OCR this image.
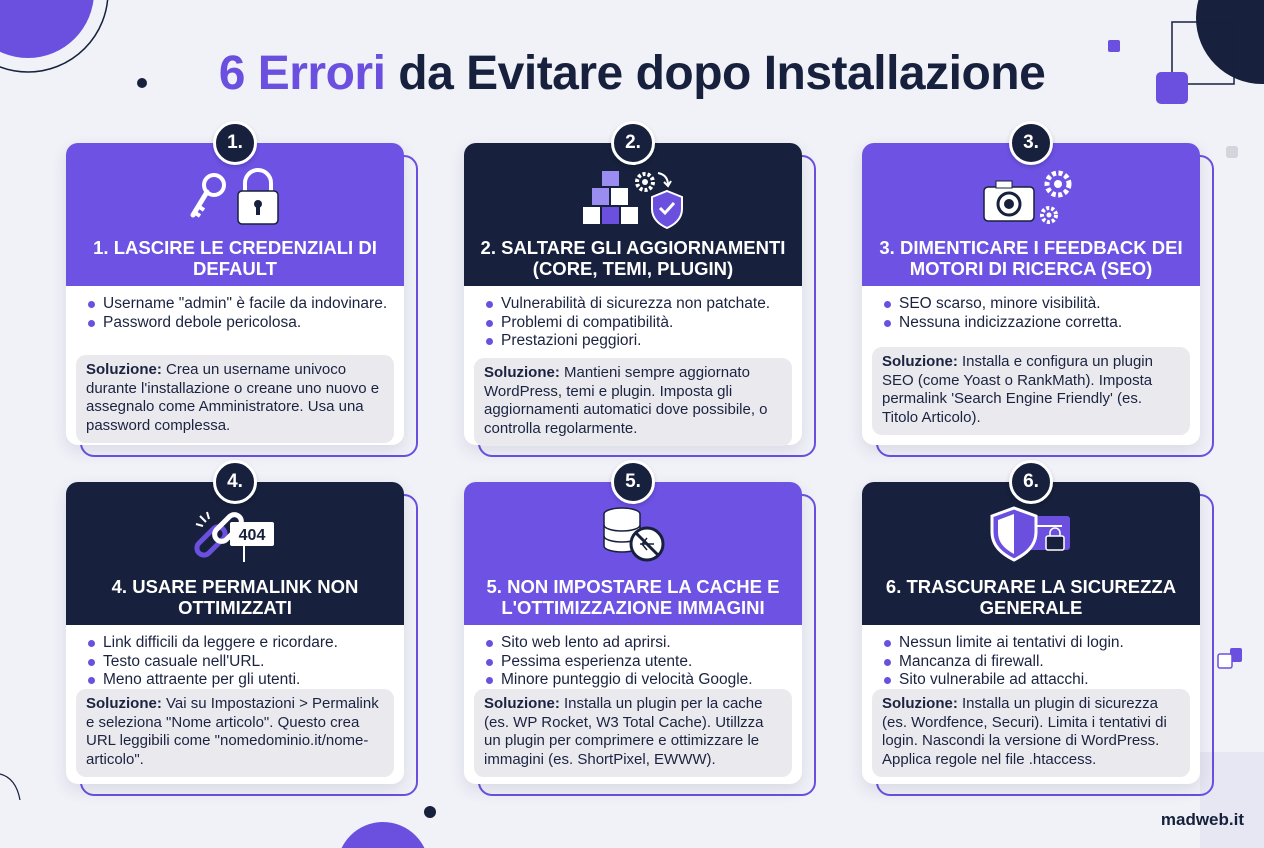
6 Errori da Evitare dopo Installazione
1. LASCIRE LE CREDENZIALI DI DEFAULT
Username "admin" è facile da indovinare.
Password debole pericolosa.
Soluzione: Crea un username univoco durante l'installazione o creane uno nuovo e assegnalo come Amministratore. Usa una password complessa.
1.
2. SALTARE GLI AGGIORNAMENTI (CORE, TEMI, PLUGIN)
Vulnerabilità di sicurezza non patchate.
Problemi di compatibilità.
Prestazioni peggiori.
Soluzione: Mantieni sempre aggiornato WordPress, temi e plugin. Imposta gli aggiornamenti automatici dove possibile, o controlla regolarmente.
2.
3. DIMENTICARE I FEEDBACK DEI MOTORI DI RICERCA (SEO)
SEO scarso, minore visibilità.
Nessuna indicizzazione corretta.
Soluzione: Installa e configura un plugin SEO (come Yoast o RankMath). Imposta permalink 'Search Engine Friendly' (es. Titolo Articolo).
3.
404
4. USARE PERMALINK NON OTTIMIZZATI
Link difficili da leggere e ricordare.
Testo casuale nell'URL.
Meno attraente per gli utenti.
Soluzione: Vai su Impostazioni > Permalink e seleziona "Nome articolo". Questo crea URL leggibili come "nomedominio.it/nome-articolo".
4.
5. NON IMPOSTARE LA CACHE E L'OTTIMIZZAZIONE IMMAGINI
Sito web lento ad aprirsi.
Pessima esperienza utente.
Minore punteggio di velocità Google.
Soluzione: Installa un plugin per la cache (es. WP Rocket, W3 Total Cache). Utillzza un plugin per comprimere e ottimizzare le immagini (es. ShortPixel, EWWW).
5.
6. TRASCURARE LA SICUREZZA GENERALE
Nessun limite ai tentativi di login.
Mancanza di firewall.
Sito vulnerabile ad attacchi.
Soluzione: Installa un plugin di sicurezza (es. Wordfence, Securi). Limita i tentativi di login. Nascondi la versione di WordPress. Applica regole nel file .htaccess.
6.
madweb.it
